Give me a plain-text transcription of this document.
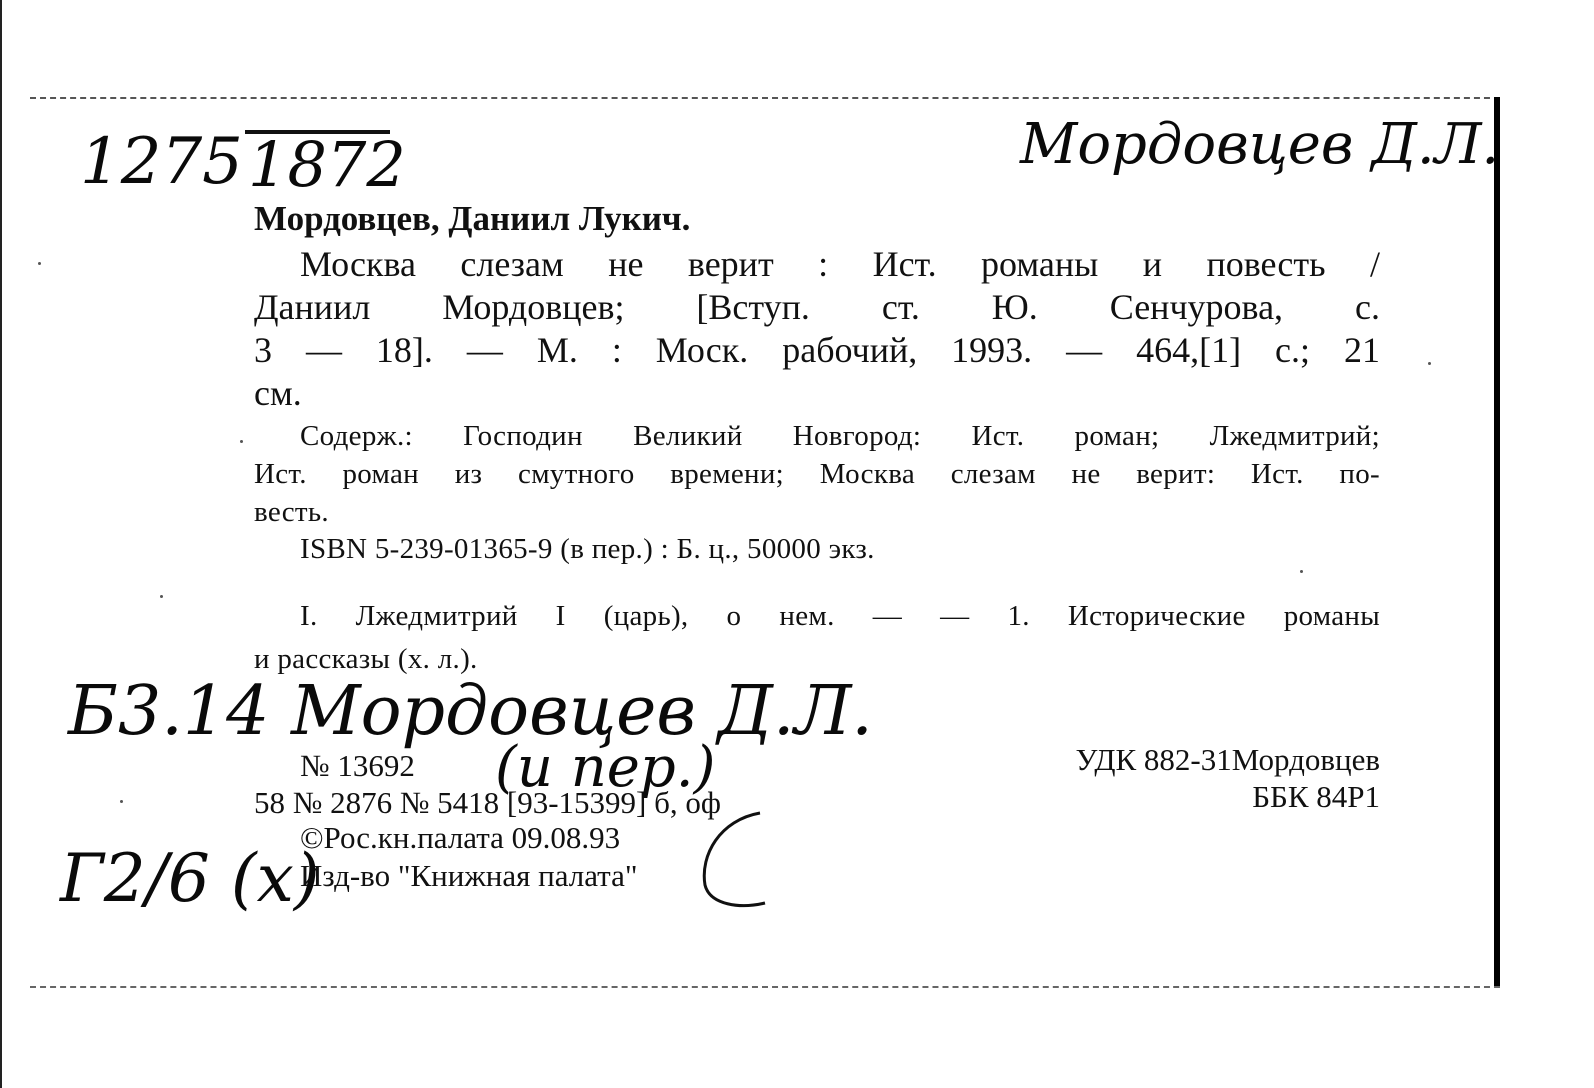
1275 1872	Мордовцев Д.Л.
Мордовцев, Даниил Лукич.
Москва слезам не верит : Ист. романы и повесть /
Даниил Мордовцев; [Вступ. ст. Ю. Сенчурова, с.
3 — 18]. — М. : Моск. рабочий, 1993. — 464,[1] с.; 21
см.
Содерж.: Господин Великий Новгород: Ист. роман; Лжедмитрий;
Ист. роман из смутного времени; Москва слезам не верит: Ист. по-
весть.
ISBN 5-239-01365-9 (в пер.) : Б. ц., 50000 экз.
I. Лжедмитрий I (царь), о нем. — — 1. Исторические романы
и рассказы (х. л.).
№ 13692
58 № 2876 № 5418 [93-15399] б, оф
©Рос.кн.палата 09.08.93
Изд-во "Книжная палата"
УДК 882-31Мордовцев
ББК 84Р1
Б3.14 Мордовцев Д.Л.
(и пер.)
Г2/6 (х)
